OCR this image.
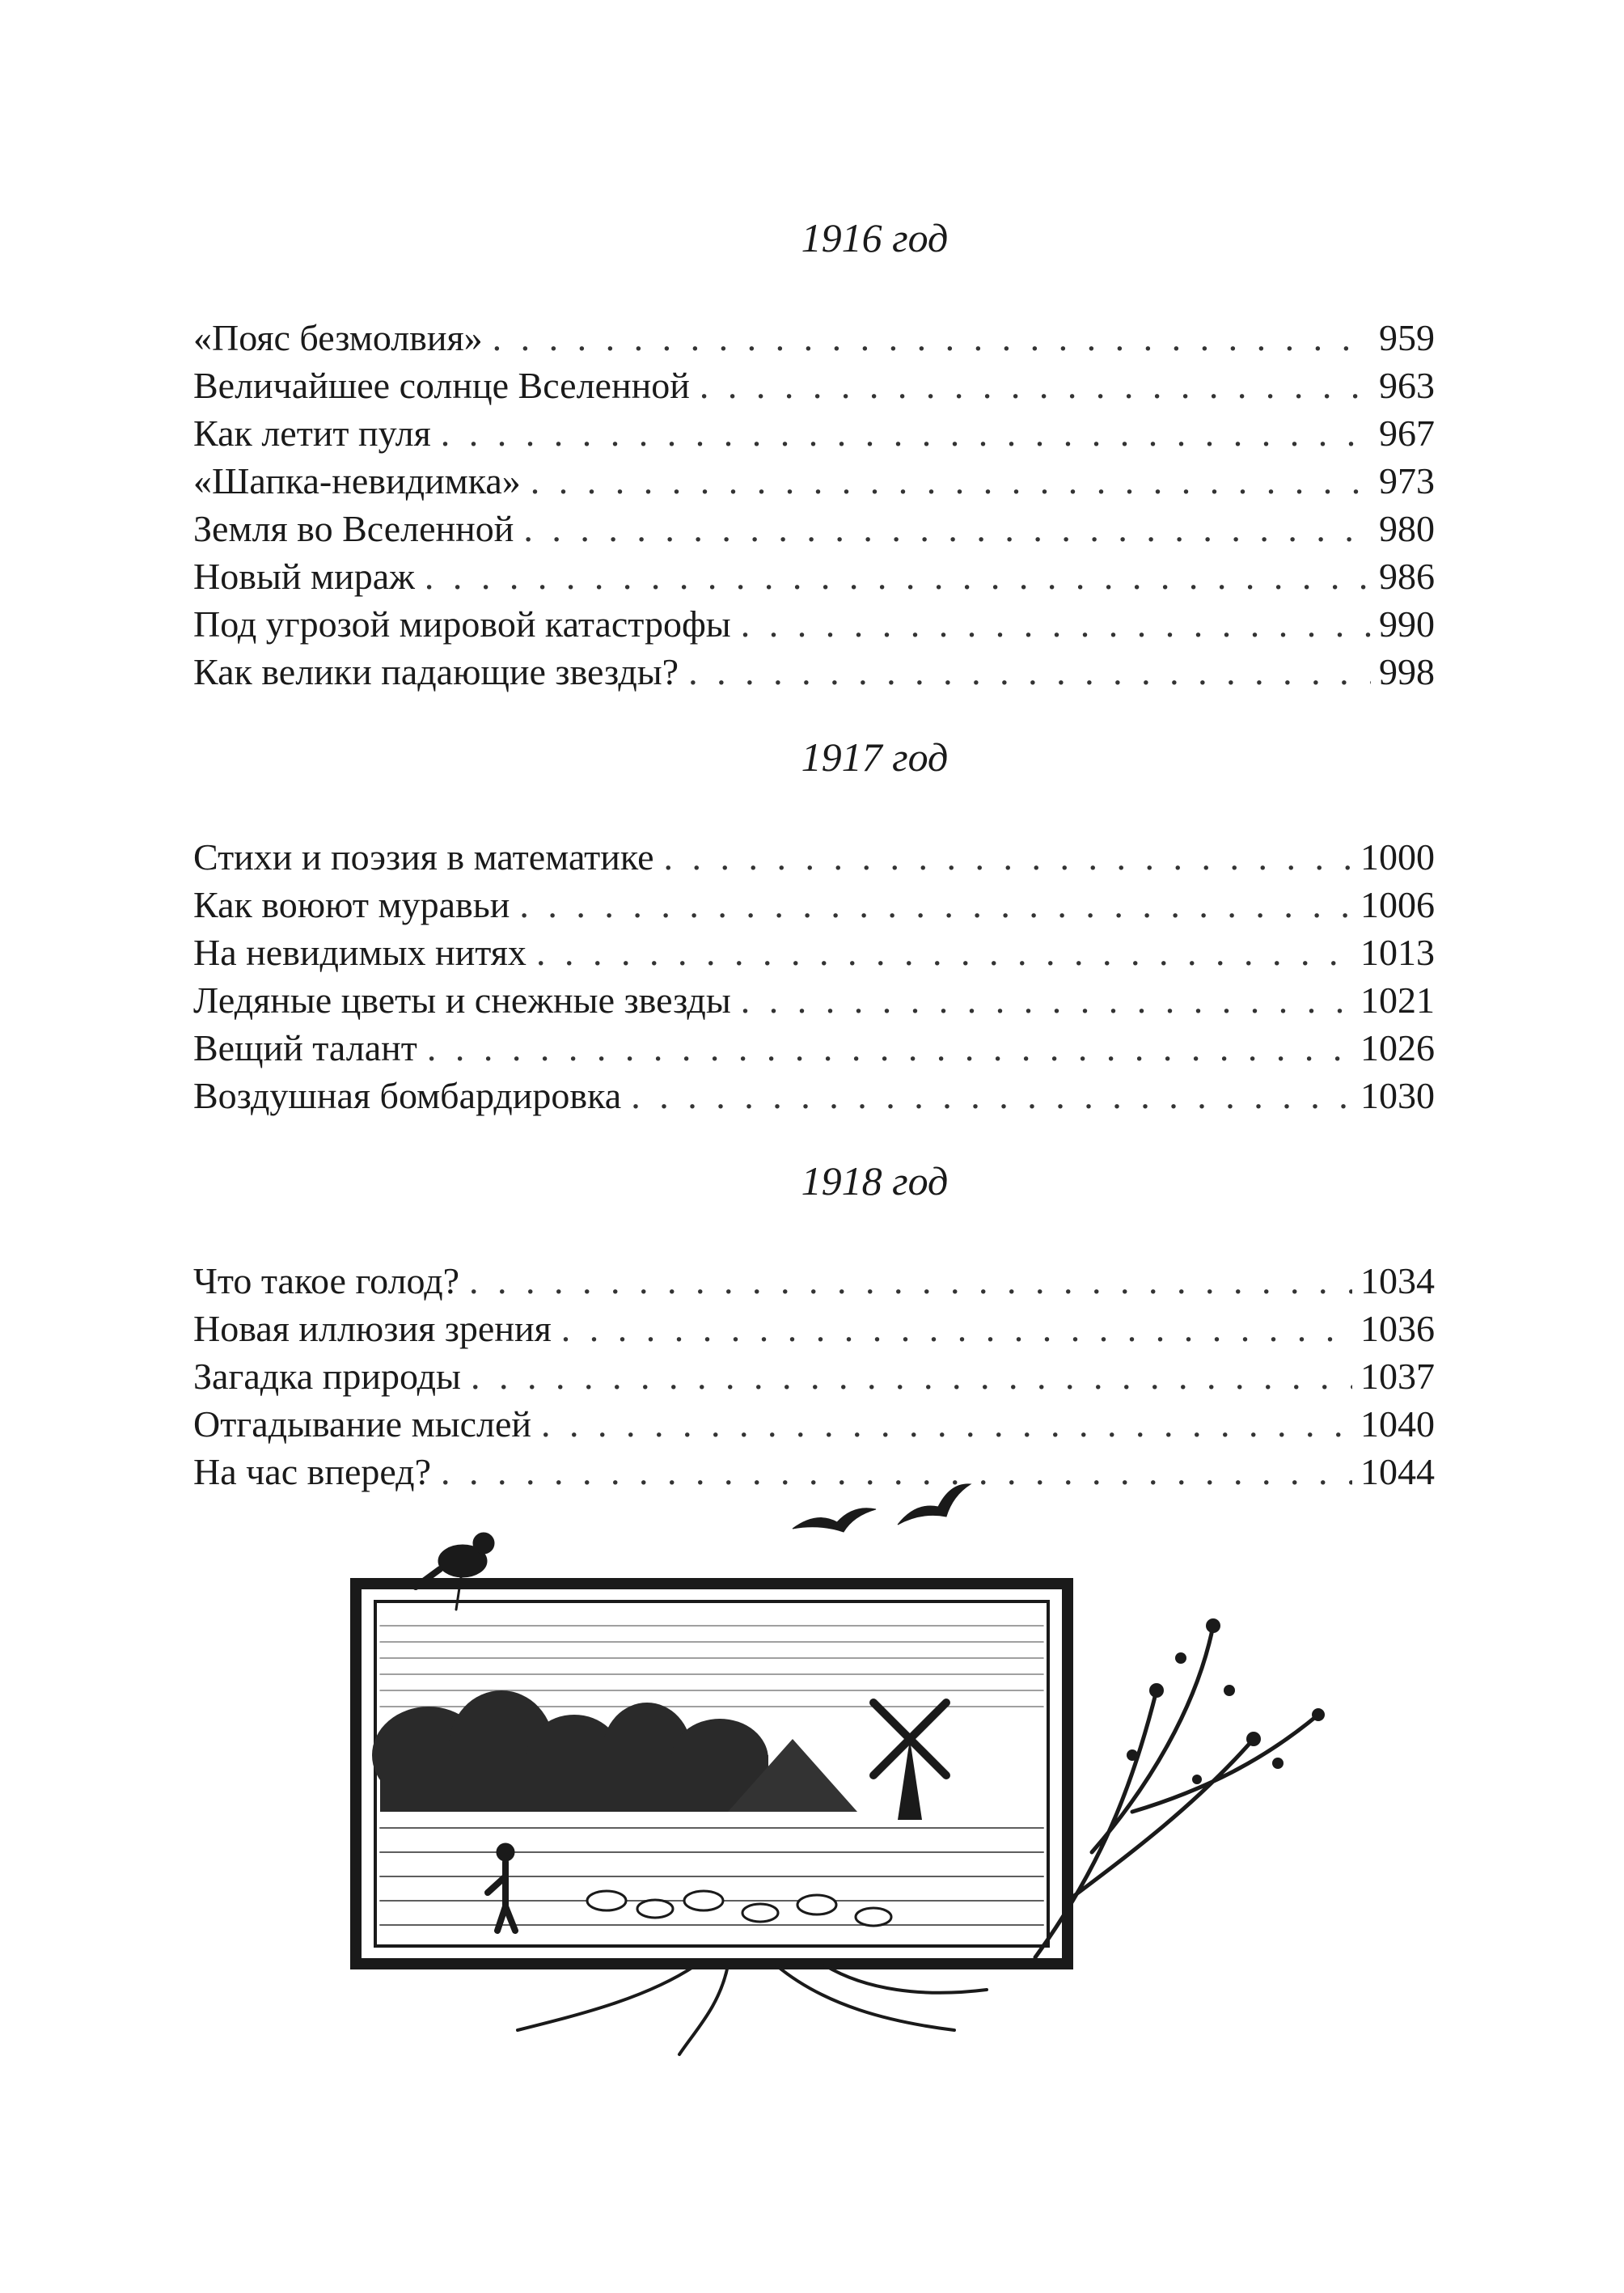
1916 год
«Пояс безмолвия» . . .	959
Величайшее солнце Вселенной . . .	963
Как летит пуля . . .	967
«Шапка-невидимка» . . .	973
Земля во Вселенной . . .	980
Новый мираж . . .	986
Под угрозой мировой катастрофы . . .	990
Как велики падающие звезды? . . .	998
1917 год
Стихи и поэзия в математике . . .	1000
Как воюют муравьи . . .	1006
На невидимых нитях . . .	1013
Ледяные цветы и снежные звезды . . .	1021
Вещий талант . . .	1026
Воздушная бомбардировка . . .	1030
1918 год
Что такое голод? . . .	1034
Новая иллюзия зрения . . .	1036
Загадка природы . . .	1037
Отгадывание мыслей . . .	1040
На час вперед? . . .	1044
